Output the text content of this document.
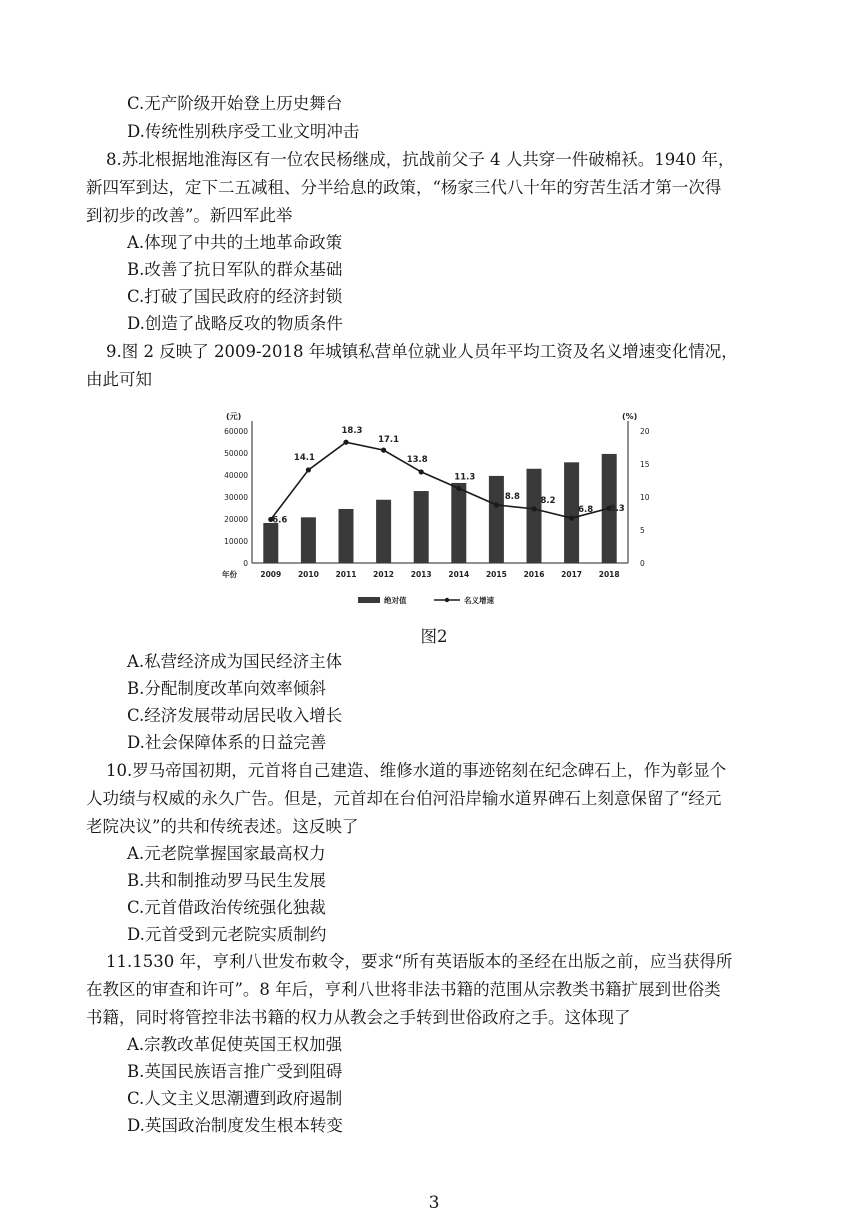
C.无产阶级开始登上历史舞台
D.传统性别秩序受工业文明冲击
8.苏北根据地淮海区有一位农民杨继成，抗战前父子 4 人共穿一件破棉袄。1940 年，
新四军到达，定下二五减租、分半给息的政策，“杨家三代八十年的穷苦生活才第一次得
到初步的改善”。新四军此举
A.体现了中共的土地革命政策
B.改善了抗日军队的群众基础
C.打破了国民政府的经济封锁
D.创造了战略反攻的物质条件
9.图 2 反映了 2009-2018 年城镇私营单位就业人员年平均工资及名义增速变化情况，
由此可知
(元)	(%)
0
10000
20000
30000
40000
50000
60000
0
5
10
15
20
2009 2010 2011 2012 2013 2014 2015 2016 2017 2018
年份
6.6
14.1
18.3
17.1
13.8
11.3
8.8 8.2
6.8 8.3
绝对值	名义增速
图2
A.私营经济成为国民经济主体
B.分配制度改革向效率倾斜
C.经济发展带动居民收入增长
D.社会保障体系的日益完善
10.罗马帝国初期，元首将自己建造、维修水道的事迹铭刻在纪念碑石上，作为彰显个
人功绩与权威的永久广告。但是，元首却在台伯河沿岸输水道界碑石上刻意保留了“经元
老院决议”的共和传统表述。这反映了
A.元老院掌握国家最高权力
B.共和制推动罗马民生发展
C.元首借政治传统强化独裁
D.元首受到元老院实质制约
11.1530 年，亨利八世发布敕令，要求“所有英语版本的圣经在出版之前，应当获得所
在教区的审查和许可”。8 年后，亨利八世将非法书籍的范围从宗教类书籍扩展到世俗类
书籍，同时将管控非法书籍的权力从教会之手转到世俗政府之手。这体现了
A.宗教改革促使英国王权加强
B.英国民族语言推广受到阻碍
C.人文主义思潮遭到政府遏制
D.英国政治制度发生根本转变
3
